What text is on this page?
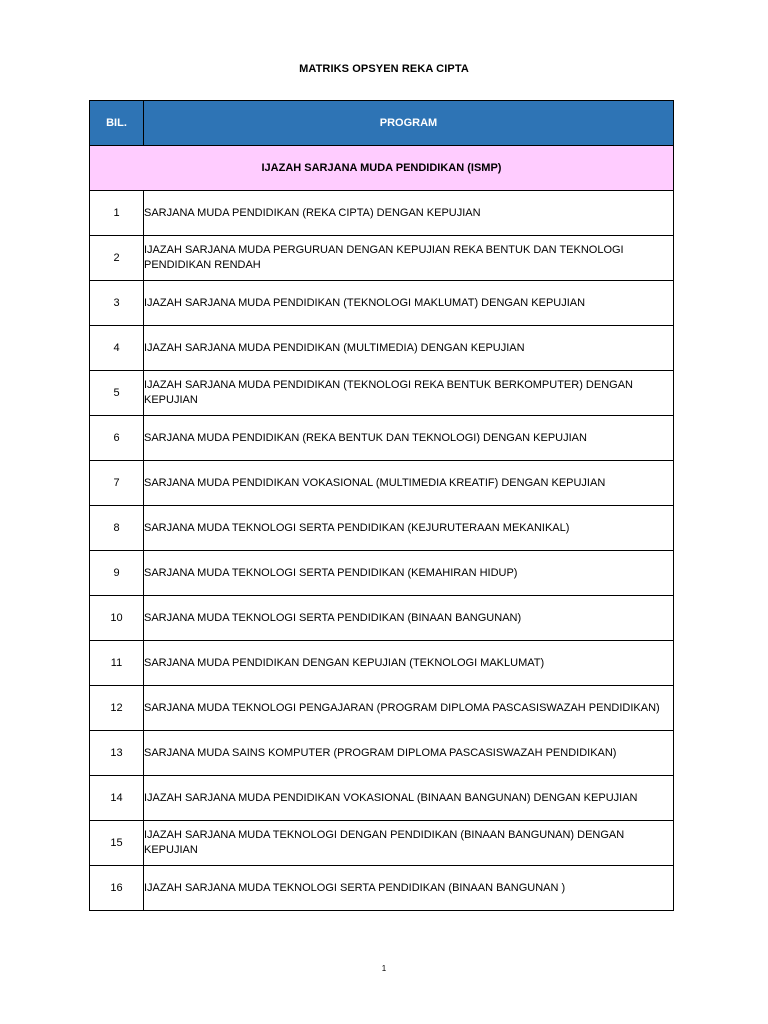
MATRIKS OPSYEN REKA CIPTA
BIL.	PROGRAM
IJAZAH SARJANA MUDA PENDIDIKAN (ISMP)	
1	SARJANA MUDA PENDIDIKAN (REKA CIPTA) DENGAN KEPUJIAN
2	IJAZAH SARJANA MUDA PERGURUAN DENGAN KEPUJIAN REKA BENTUK DAN TEKNOLOGI PENDIDIKAN RENDAH
3	IJAZAH SARJANA MUDA PENDIDIKAN (TEKNOLOGI MAKLUMAT) DENGAN KEPUJIAN
4	IJAZAH SARJANA MUDA PENDIDIKAN (MULTIMEDIA) DENGAN KEPUJIAN
5	IJAZAH SARJANA MUDA PENDIDIKAN (TEKNOLOGI REKA BENTUK BERKOMPUTER) DENGAN KEPUJIAN
6	SARJANA MUDA PENDIDIKAN (REKA BENTUK DAN TEKNOLOGI) DENGAN KEPUJIAN
7	SARJANA MUDA PENDIDIKAN VOKASIONAL (MULTIMEDIA KREATIF) DENGAN KEPUJIAN
8	SARJANA MUDA TEKNOLOGI SERTA PENDIDIKAN (KEJURUTERAAN MEKANIKAL)
9	SARJANA MUDA TEKNOLOGI SERTA PENDIDIKAN (KEMAHIRAN HIDUP)
10	SARJANA MUDA TEKNOLOGI SERTA PENDIDIKAN (BINAAN BANGUNAN)
11	SARJANA MUDA PENDIDIKAN DENGAN KEPUJIAN (TEKNOLOGI MAKLUMAT)
12	SARJANA MUDA TEKNOLOGI PENGAJARAN (PROGRAM DIPLOMA PASCASISWAZAH PENDIDIKAN)
13	SARJANA MUDA SAINS KOMPUTER (PROGRAM DIPLOMA PASCASISWAZAH PENDIDIKAN)
14	IJAZAH SARJANA MUDA PENDIDIKAN VOKASIONAL (BINAAN BANGUNAN) DENGAN KEPUJIAN
15	IJAZAH SARJANA MUDA TEKNOLOGI DENGAN PENDIDIKAN (BINAAN BANGUNAN) DENGAN KEPUJIAN
16	IJAZAH SARJANA MUDA TEKNOLOGI SERTA PENDIDIKAN (BINAAN BANGUNAN )
1
